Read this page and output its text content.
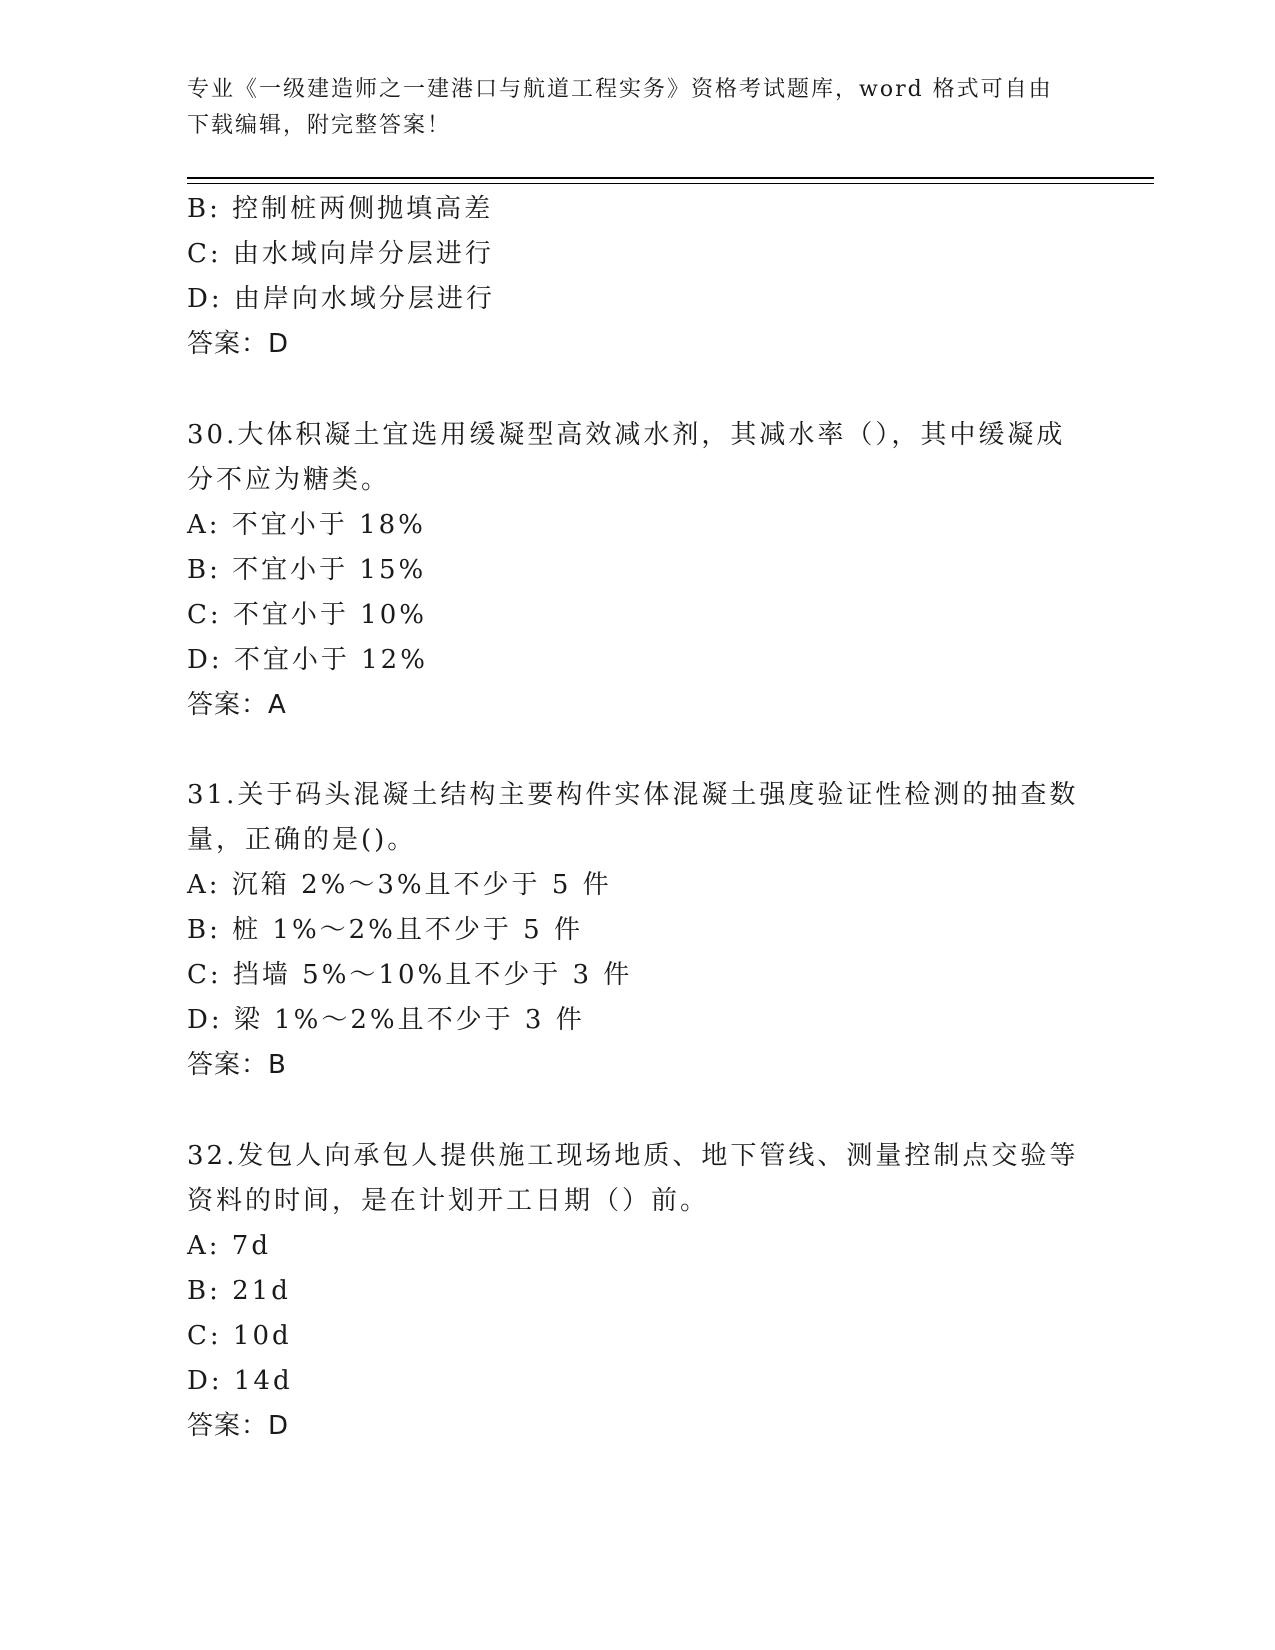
专业《一级建造师之一建港口与航道工程实务》资格考试题库，word 格式可自由
下载编辑，附完整答案！
B: 控制桩两侧抛填高差
C: 由水域向岸分层进行
D: 由岸向水域分层进行
答案：D
30.大体积凝土宜选用缓凝型高效减水剂，其减水率（），其中缓凝成
分不应为糖类。
A: 不宜小于 18%
B: 不宜小于 15%
C: 不宜小于 10%
D: 不宜小于 12%
答案：A
31.关于码头混凝土结构主要构件实体混凝土强度验证性检测的抽查数
量，正确的是()。
A: 沉箱 2%～3%且不少于 5 件
B: 桩 1%～2%且不少于 5 件
C: 挡墙 5%～10%且不少于 3 件
D: 梁 1%～2%且不少于 3 件
答案：B
32.发包人向承包人提供施工现场地质、地下管线、测量控制点交验等
资料的时间，是在计划开工日期（）前。
A: 7d
B: 21d
C: 10d
D: 14d
答案：D
